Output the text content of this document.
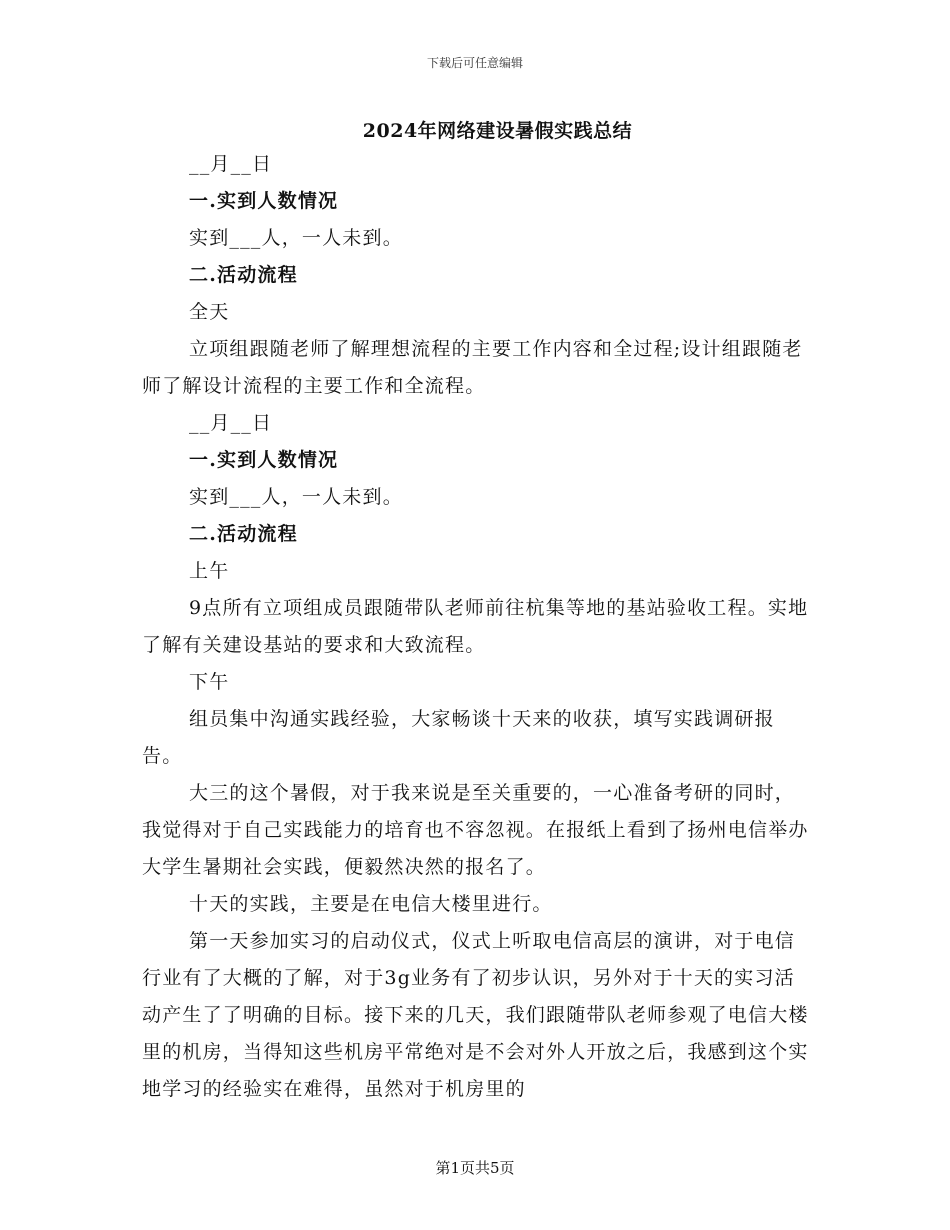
下载后可任意编辑
2024年网络建设暑假实践总结

__月__日

一.实到人数情况

实到___人，一人未到。

二.活动流程

全天

立项组跟随老师了解理想流程的主要工作内容和全过程;设计组跟随老师了解设计流程的主要工作和全流程。

__月__日

一.实到人数情况

实到___人，一人未到。

二.活动流程

上午

9点所有立项组成员跟随带队老师前往杭集等地的基站验收工程。实地了解有关建设基站的要求和大致流程。

下午

组员集中沟通实践经验，大家畅谈十天来的收获，填写实践调研报告。

大三的这个暑假，对于我来说是至关重要的，一心准备考研的同时，我觉得对于自己实践能力的培育也不容忽视。在报纸上看到了扬州电信举办大学生暑期社会实践，便毅然决然的报名了。

十天的实践，主要是在电信大楼里进行。

第一天参加实习的启动仪式，仪式上听取电信高层的演讲，对于电信行业有了大概的了解，对于3g业务有了初步认识，另外对于十天的实习活动产生了了明确的目标。接下来的几天，我们跟随带队老师参观了电信大楼里的机房，当得知这些机房平常绝对是不会对外人开放之后，我感到这个实地学习的经验实在难得，虽然对于机房里的

第1页共5页
